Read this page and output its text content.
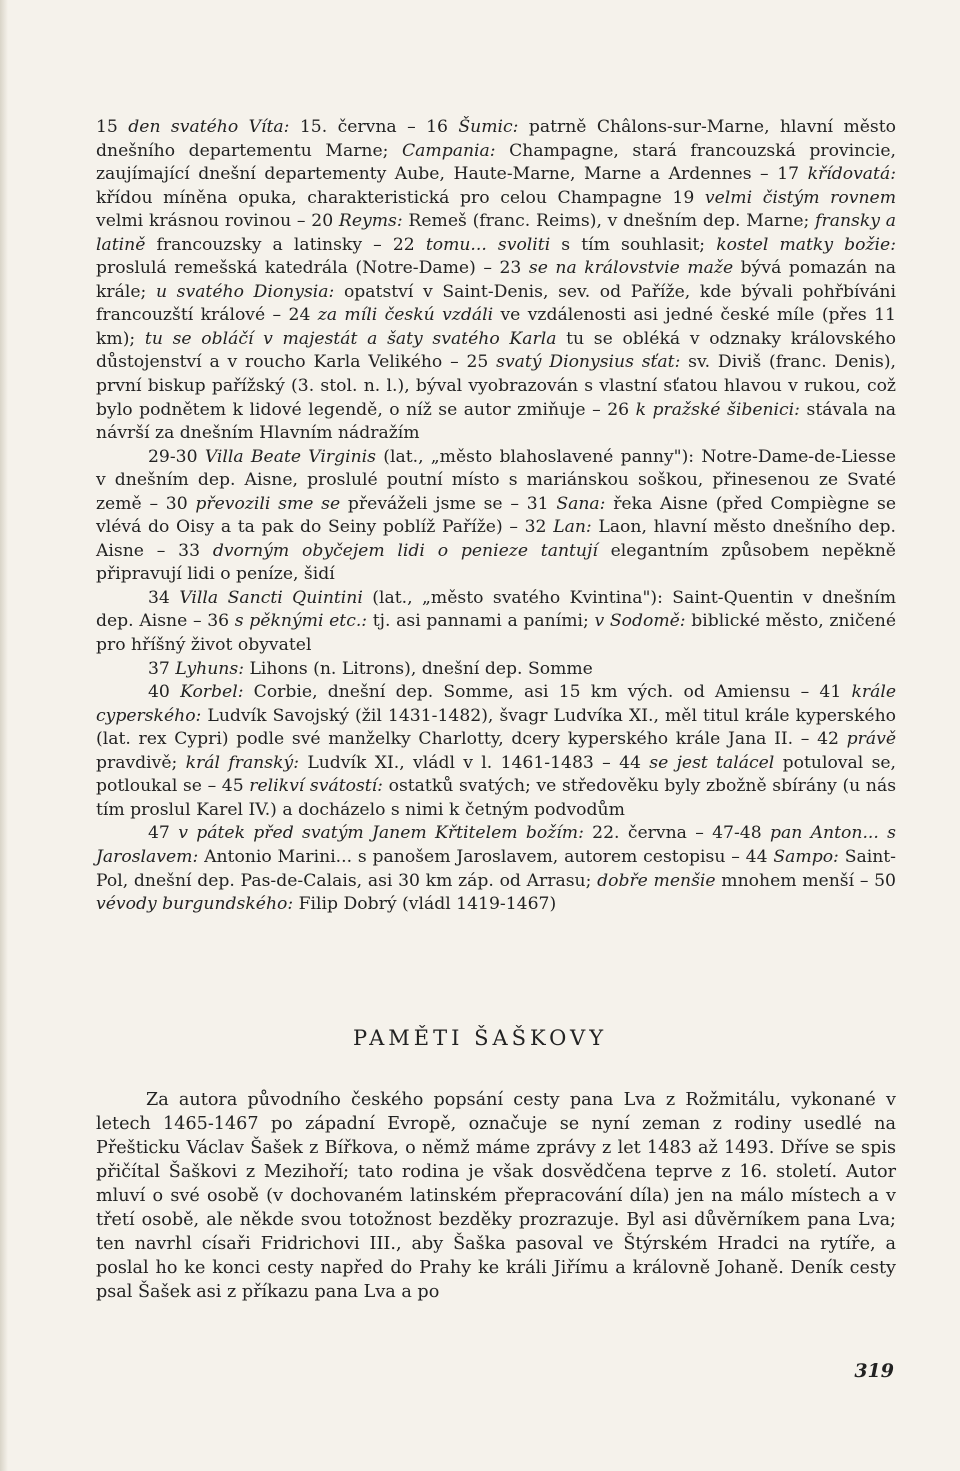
15 den svatého Víta: 15. června – 16 Šumic: patrně Châlons-sur-Marne, hlavní město dnešního departementu Marne; Campania: Champagne, stará francouzská provincie, zaujímající dnešní departementy Aube, Haute-Marne, Marne a Ardennes – 17 křídovatá: křídou míněna opuka, charakteristická pro celou Champagne 19 velmi čistým rovnem velmi krásnou rovinou – 20 Reyms: Remeš (franc. Reims), v dnešním dep. Marne; fransky a latině francouzsky a latinsky – 22 tomu... svoliti s tím souhlasit; kostel matky božie: proslulá remešská katedrála (Notre-Dame) – 23 se na královstvie maže bývá pomazán na krále; u svatého Dionysia: opatství v Saint-Denis, sev. od Paříže, kde bývali pohřbíváni francouzští králové – 24 za míli českú vzdáli ve vzdálenosti asi jedné české míle (přes 11 km); tu se obláčí v majestát a šaty svatého Karla tu se obléká v odznaky královského důstojenství a v roucho Karla Velikého – 25 svatý Dionysius sťat: sv. Diviš (franc. Denis), první biskup pařížský (3. stol. n. l.), býval vyobrazován s vlastní sťatou hlavou v rukou, což bylo podnětem k lidové legendě, o níž se autor zmiňuje – 26 k pražské šibenici: stávala na návrší za dnešním Hlavním nádražím

29-30 Villa Beate Virginis (lat., „město blahoslavené panny"): Notre-Dame-de-Liesse v dnešním dep. Aisne, proslulé poutní místo s mariánskou soškou, přinesenou ze Svaté země – 30 převozili sme se převáželi jsme se – 31 Sana: řeka Aisne (před Compiègne se vlévá do Oisy a ta pak do Seiny poblíž Paříže) – 32 Lan: Laon, hlavní město dnešního dep. Aisne – 33 dvorným obyčejem lidi o penieze tantují elegantním způsobem nepěkně připravují lidi o peníze, šidí

34 Villa Sancti Quintini (lat., „město svatého Kvintina"): Saint-Quentin v dnešním dep. Aisne – 36 s pěknými etc.: tj. asi pannami a paními; v Sodomě: biblické město, zničené pro hříšný život obyvatel

37 Lyhuns: Lihons (n. Litrons), dnešní dep. Somme

40 Korbel: Corbie, dnešní dep. Somme, asi 15 km vých. od Amiensu – 41 krále cyperského: Ludvík Savojský (žil 1431-1482), švagr Ludvíka XI., měl titul krále kyperského (lat. rex Cypri) podle své manželky Charlotty, dcery kyperského krále Jana II. – 42 právě pravdivě; král franský: Ludvík XI., vládl v l. 1461-1483 – 44 se jest talácel potuloval se, potloukal se – 45 relikví svátostí: ostatků svatých; ve středověku byly zbožně sbírány (u nás tím proslul Karel IV.) a docházelo s nimi k četným podvodům

47 v pátek před svatým Janem Křtitelem božím: 22. června – 47-48 pan Anton... s Jaroslavem: Antonio Marini... s panošem Jaroslavem, autorem cestopisu – 44 Sampo: Saint-Pol, dnešní dep. Pas-de-Calais, asi 30 km záp. od Arrasu; dobře menšie mnohem menší – 50 vévody burgundského: Filip Dobrý (vládl 1419-1467)

PAMĚTI ŠAŠKOVY

Za autora původního českého popsání cesty pana Lva z Rožmitálu, vykonané v letech 1465-1467 po západní Evropě, označuje se nyní zeman z rodiny usedlé na Přešticku Václav Šašek z Bířkova, o němž máme zprávy z let 1483 až 1493. Dříve se spis přičítal Šaškovi z Mezihoří; tato rodina je však dosvědčena teprve z 16. století. Autor mluví o své osobě (v dochovaném latinském přepracování díla) jen na málo místech a v třetí osobě, ale někde svou totožnost bezděky prozrazuje. Byl asi důvěrníkem pana Lva; ten navrhl císaři Fridrichovi III., aby Šaška pasoval ve Štýrském Hradci na rytíře, a poslal ho ke konci cesty napřed do Prahy ke králi Jiřímu a královně Johaně. Deník cesty psal Šašek asi z příkazu pana Lva a po

319
